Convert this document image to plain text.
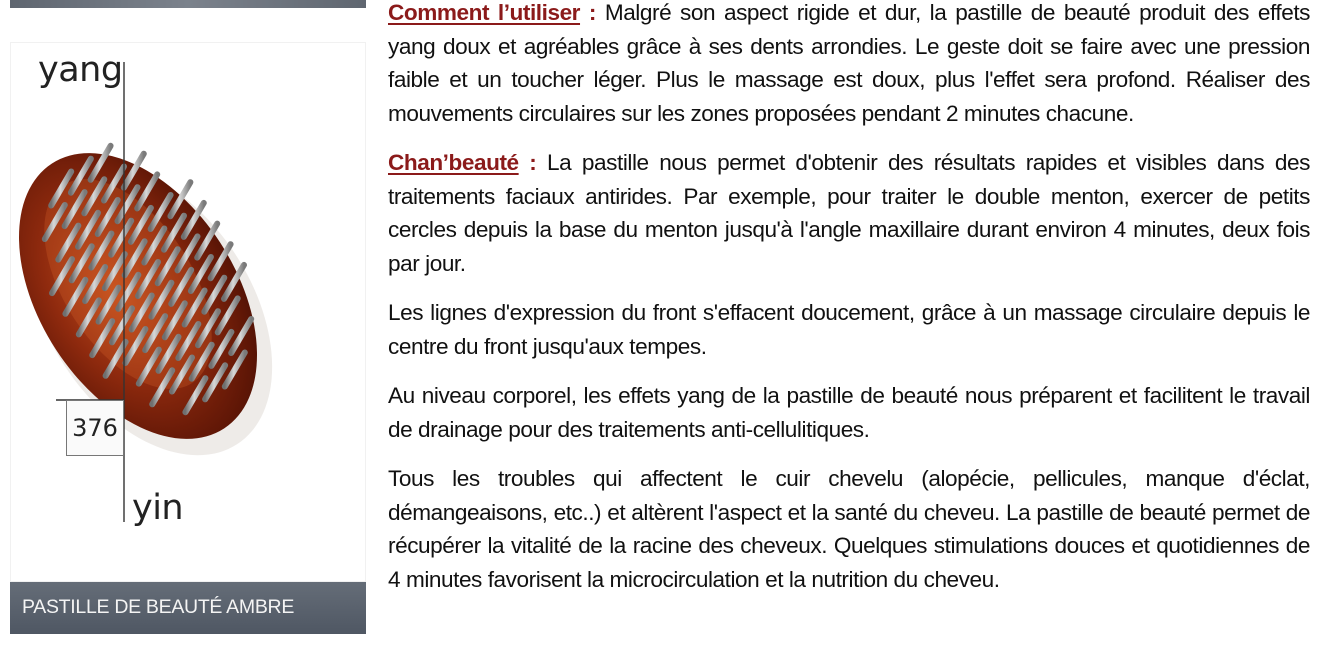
yang
yin
376
PASTILLE DE BEAUTÉ AMBRE

Comment l’utiliser : Malgré son aspect rigide et dur, la pastille de beauté produit des effets yang doux et agréables grâce à ses dents arrondies. Le geste doit se faire avec une pression faible et un toucher léger. Plus le massage est doux, plus l'effet sera profond. Réaliser des mouvements circulaires sur les zones proposées pendant 2 minutes chacune.

Chan’beauté : La pastille nous permet d'obtenir des résultats rapides et visibles dans des traitements faciaux antirides. Par exemple, pour traiter le double menton, exercer de petits cercles depuis la base du menton jusqu'à l'angle maxillaire durant environ 4 minutes, deux fois par jour.

Les lignes d'expression du front s'effacent doucement, grâce à un massage circulaire depuis le centre du front jusqu'aux tempes.

Au niveau corporel, les effets yang de la pastille de beauté nous préparent et facilitent le travail de drainage pour des traitements anti-cellulitiques.

Tous les troubles qui affectent le cuir chevelu (alopécie, pellicules, manque d'éclat, démangeaisons, etc..) et altèrent l'aspect et la santé du cheveu. La pastille de beauté permet de récupérer la vitalité de la racine des cheveux. Quelques stimulations douces et quotidiennes de 4 minutes favorisent la microcirculation et la nutrition du cheveu.
